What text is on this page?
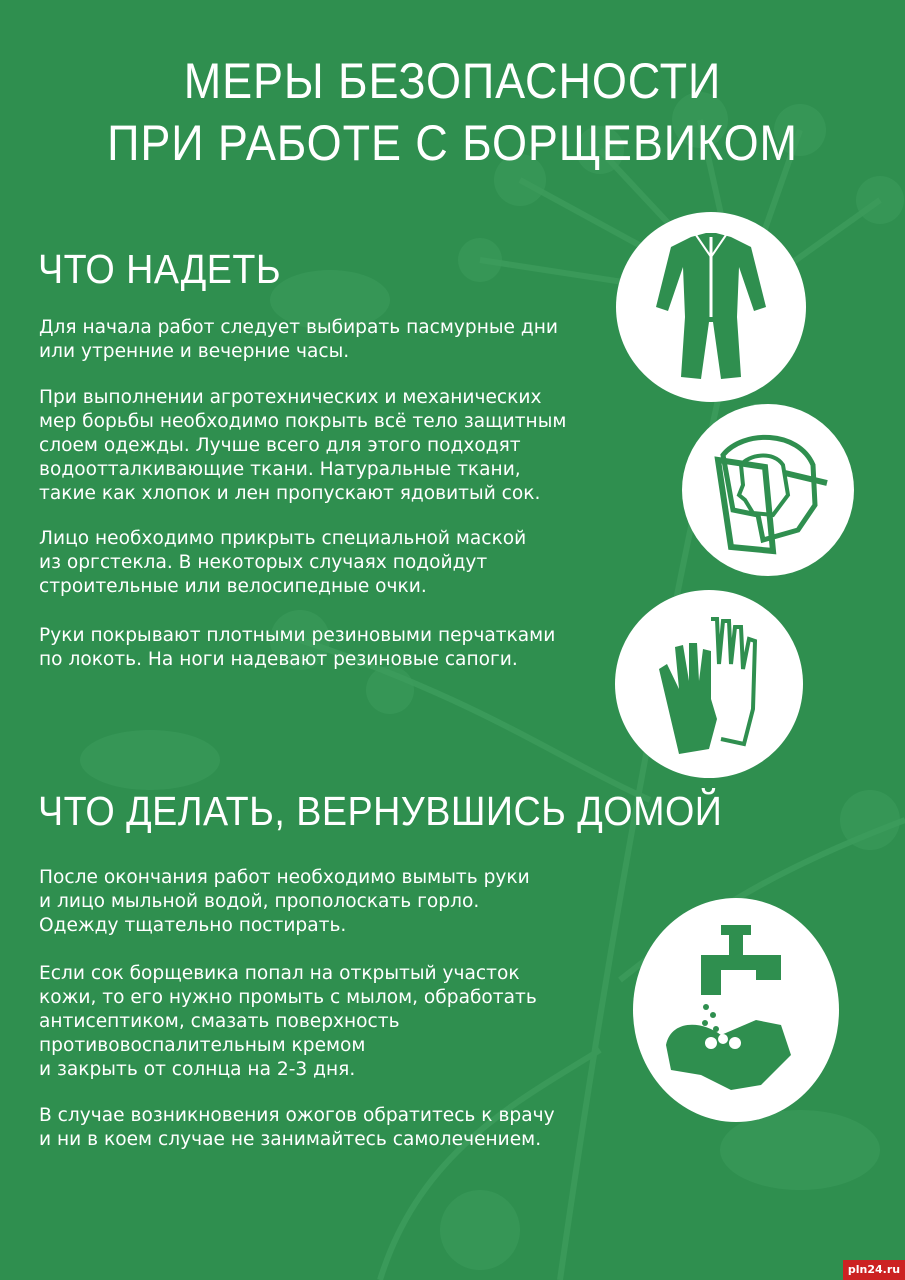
МЕРЫ БЕЗОПАСНОСТИ
ПРИ РАБОТЕ С БОРЩЕВИКОМ
ЧТО НАДЕТЬ

Для начала работ следует выбирать пасмурные дни
или утренние и вечерние часы.

При выполнении агротехнических и механических
мер борьбы необходимо покрыть всё тело защитным
слоем одежды. Лучше всего для этого подходят
водоотталкивающие ткани. Натуральные ткани,
такие как хлопок и лен пропускают ядовитый сок.

Лицо необходимо прикрыть специальной маской
из оргстекла. В некоторых случаях подойдут
строительные или велосипедные очки.

Руки покрывают плотными резиновыми перчатками
по локоть. На ноги надевают резиновые сапоги.

ЧТО ДЕЛАТЬ, ВЕРНУВШИСЬ ДОМОЙ

После окончания работ необходимо вымыть руки
и лицо мыльной водой, прополоскать горло.
Одежду тщательно постирать.

Если сок борщевика попал на открытый участок
кожи, то его нужно промыть с мылом, обработать
антисептиком, смазать поверхность
противовоспалительным кремом
и закрыть от солнца на 2-3 дня.

В случае возникновения ожогов обратитесь к врачу
и ни в коем случае не занимайтесь самолечением.

pln24.ru
